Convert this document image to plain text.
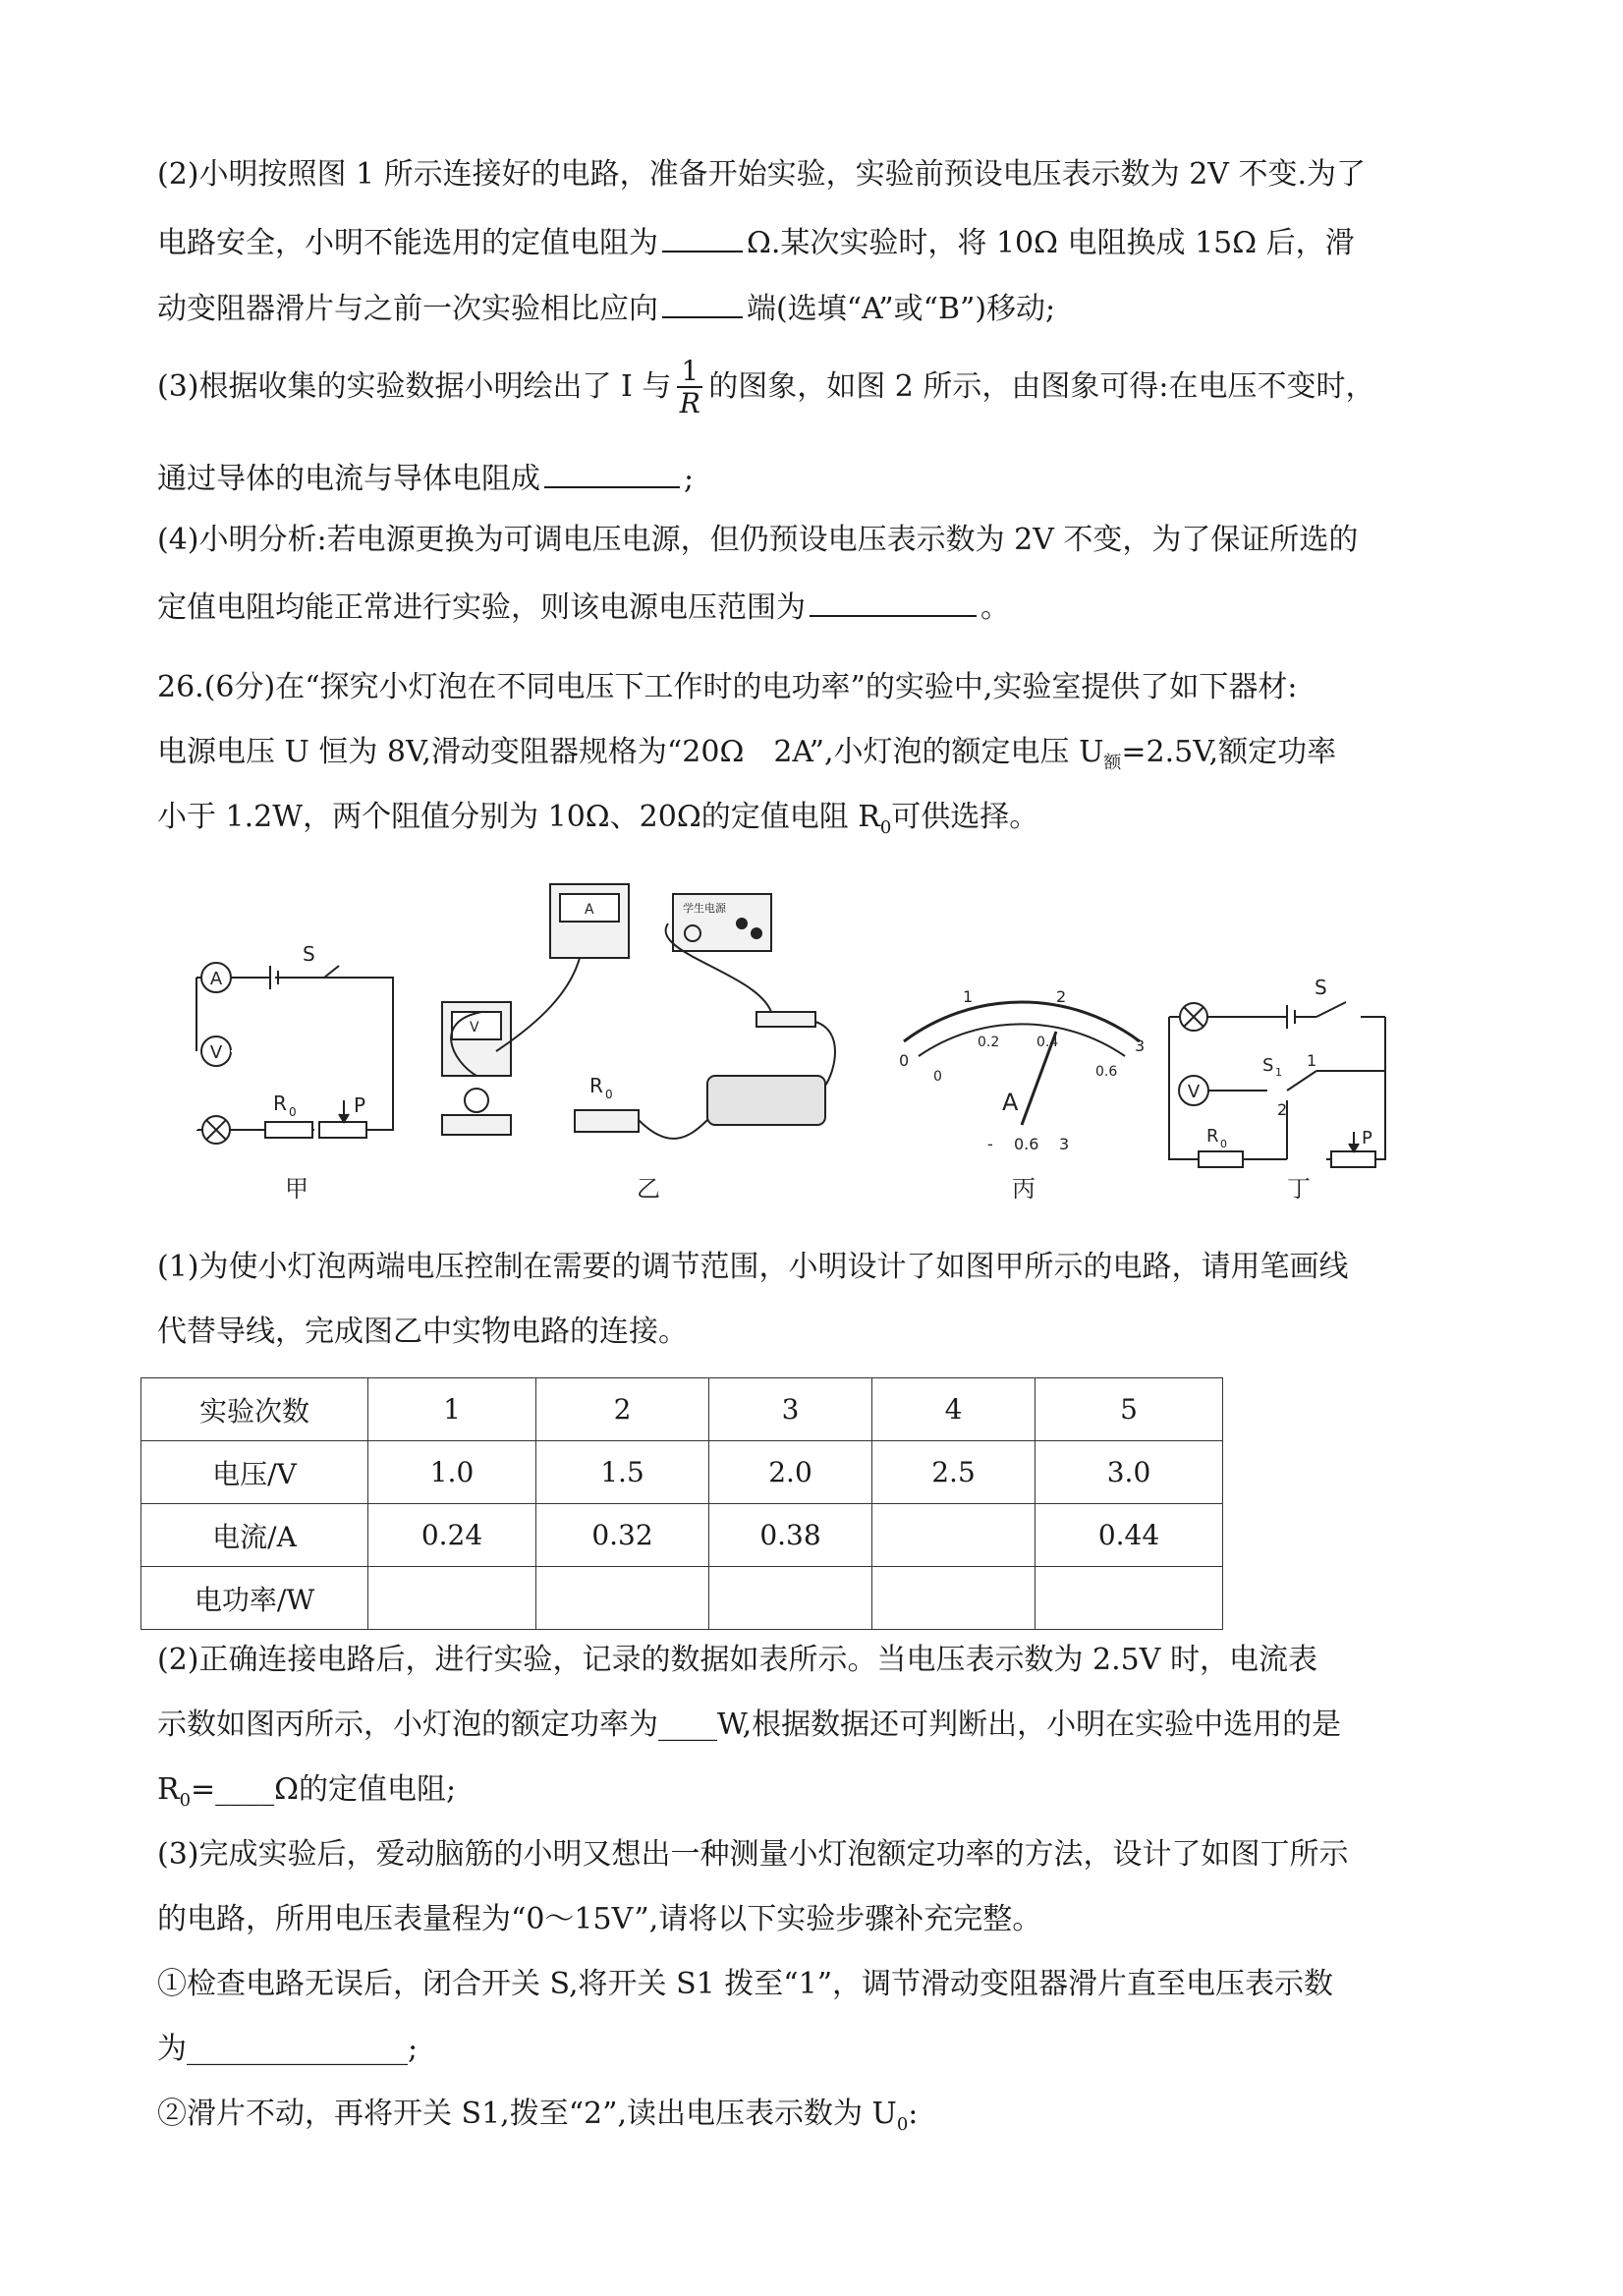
(2)小明按照图 1 所示连接好的电路，准备开始实验，实验前预设电压表示数为 2V 不变.为了
电路安全，小明不能选用的定值电阻为	Ω.某次实验时，将 10Ω 电阻换成 15Ω 后，滑
动变阻器滑片与之前一次实验相比应向	端(选填“A”或“B”)移动;
(3)根据收集的实验数据小明绘出了 I 与 $\frac{1}{R}$ 的图象，如图 2 所示，由图象可得:在电压不变时，
通过导体的电流与导体电阻成	;
(4)小明分析:若电源更换为可调电压电源，但仍预设电压表示数为 2V 不变，为了保证所选的
定值电阻均能正常进行实验，则该电源电压范围为	。
26.(6分)在“探究小灯泡在不同电压下工作时的电功率”的实验中,实验室提供了如下器材:
电源电压 U 恒为 8V,滑动变阻器规格为“20Ω　2A”,小灯泡的额定电压 $U_额=2.5V$,额定功率
小于 1.2W，两个阻值分别为 10Ω、20Ω的定值电阻 $R_0$可供选择。
A
V
R 0	P
S
甲
V
A	学生电源
R 0
乙
0
1	2
3
0
0.2	0.4
0.6
A
- 0.6 3
丙
S
V
S 1
1
2
R 0	P
丁
(1)为使小灯泡两端电压控制在需要的调节范围，小明设计了如图甲所示的电路，请用笔画线
代替导线，完成图乙中实物电路的连接。
实验次数	1	2	3	4	5
电压/V	1.0	1.5	2.0	2.5	3.0
电流/A	0.24	0.32	0.38		0.44
电功率/W					
(2)正确连接电路后，进行实验，记录的数据如表所示。当电压表示数为 2.5V 时，电流表
示数如图丙所示，小灯泡的额定功率为____W,根据数据还可判断出，小明在实验中选用的是
$R_0=\_\_\_\_\Omega$的定值电阻;
(3)完成实验后，爱动脑筋的小明又想出一种测量小灯泡额定功率的方法，设计了如图丁所示
的电路，所用电压表量程为“0～15V”,请将以下实验步骤补充完整。
①检查电路无误后，闭合开关 S,将开关 S1 拨至“1”，调节滑动变阻器滑片直至电压表示数
为_______________;
②滑片不动，再将开关 S1,拨至“2”,读出电压表示数为 $U_0$:
